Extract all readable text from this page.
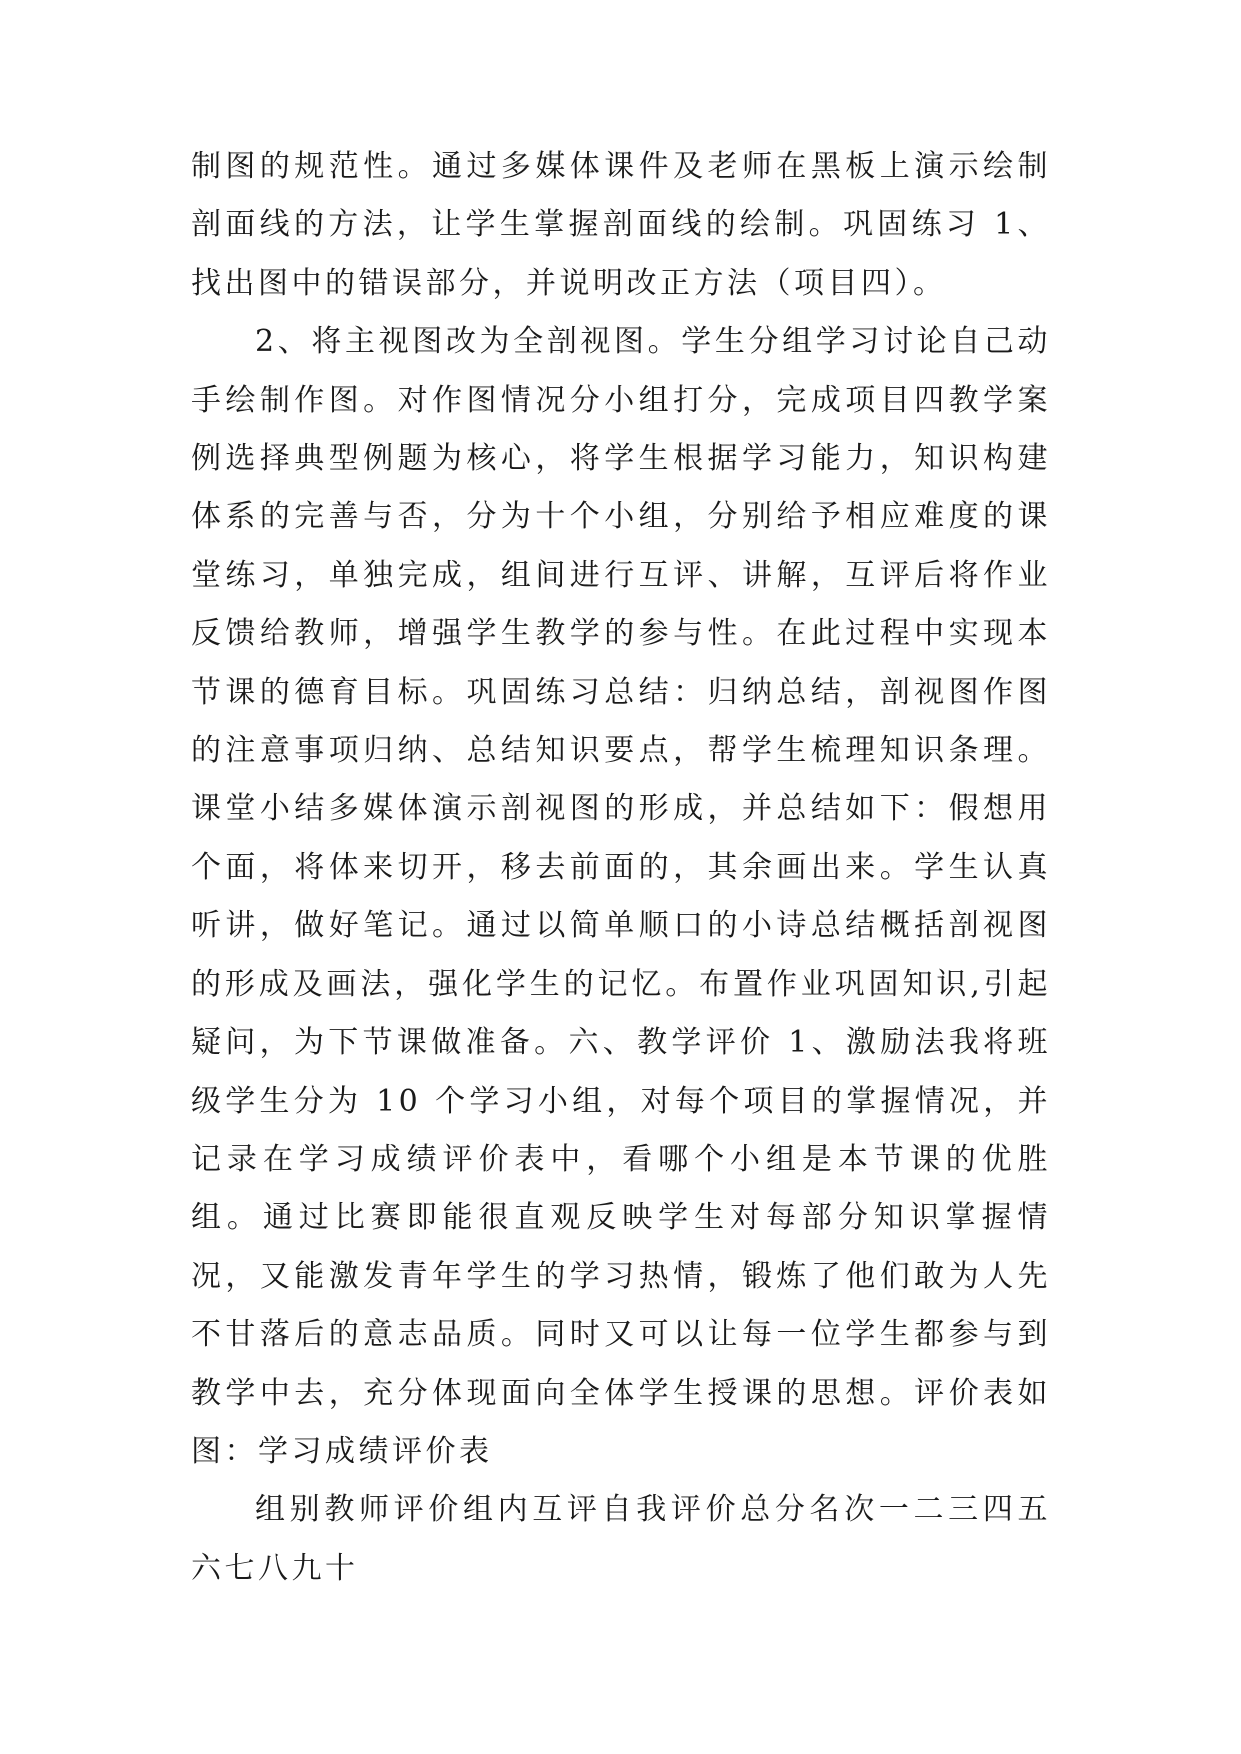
制图的规范性。通过多媒体课件及老师在黑板上演示绘制剖面线的方法，让学生掌握剖面线的绘制。巩固练习 1、找出图中的错误部分，并说明改正方法（项目四）。

2、将主视图改为全剖视图。学生分组学习讨论自己动手绘制作图。对作图情况分小组打分，完成项目四教学案例选择典型例题为核心，将学生根据学习能力，知识构建体系的完善与否，分为十个小组，分别给予相应难度的课堂练习，单独完成，组间进行互评、讲解，互评后将作业反馈给教师，增强学生教学的参与性。在此过程中实现本节课的德育目标。巩固练习总结：归纳总结，剖视图作图的注意事项归纳、总结知识要点，帮学生梳理知识条理。课堂小结多媒体演示剖视图的形成，并总结如下：假想用个面，将体来切开，移去前面的，其余画出来。学生认真听讲，做好笔记。通过以简单顺口的小诗总结概括剖视图的形成及画法，强化学生的记忆。布置作业巩固知识,引起疑问，为下节课做准备。六、教学评价 1、激励法我将班级学生分为 10 个学习小组，对每个项目的掌握情况，并记录在学习成绩评价表中，看哪个小组是本节课的优胜组。通过比赛即能很直观反映学生对每部分知识掌握情况，又能激发青年学生的学习热情，锻炼了他们敢为人先不甘落后的意志品质。同时又可以让每一位学生都参与到教学中去，充分体现面向全体学生授课的思想。评价表如图：学习成绩评价表

组别教师评价组内互评自我评价总分名次一二三四五六七八九十
